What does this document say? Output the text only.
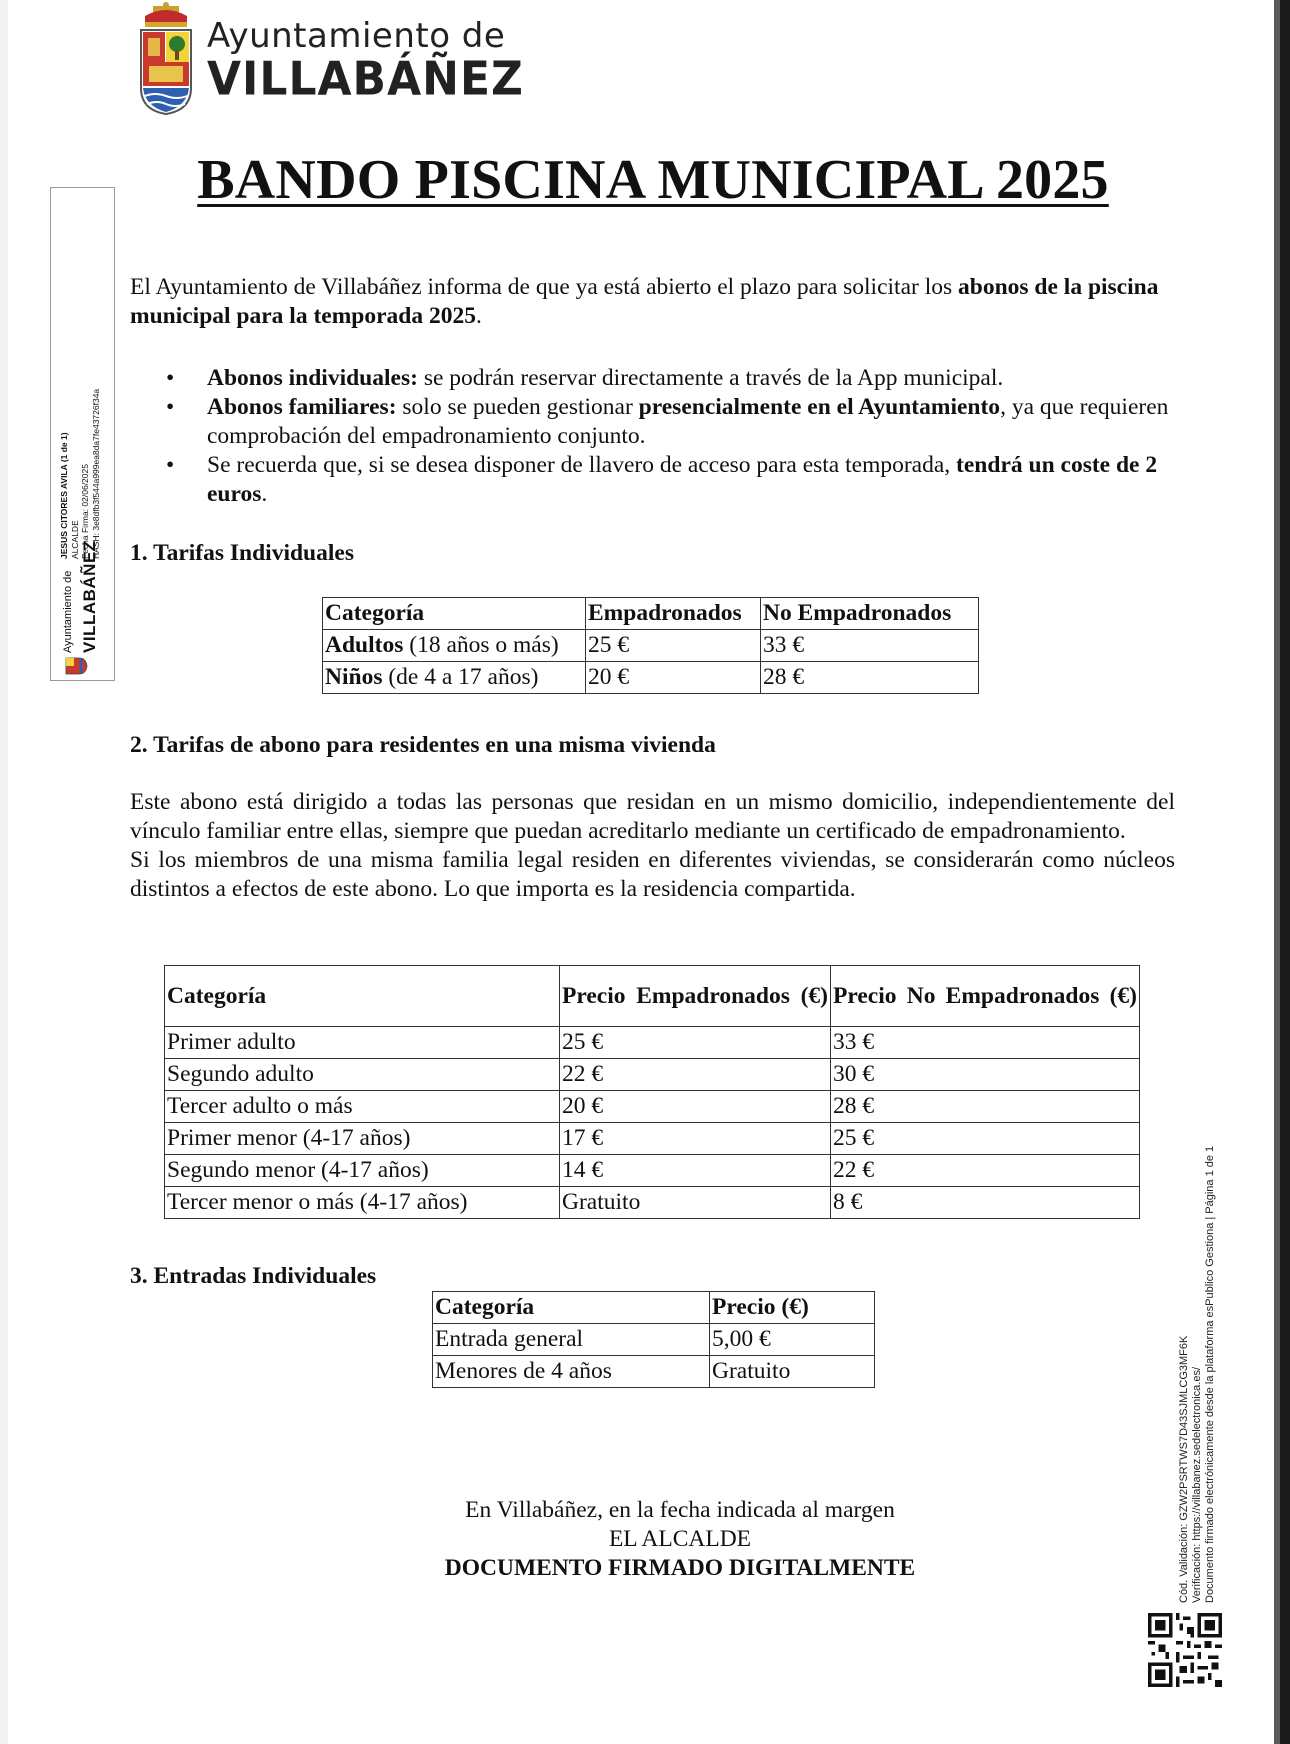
Ayuntamiento de
VILLABÁÑEZ
Ayuntamiento de VILLABÁÑEZ
JESUS CITORES AVILA (1 de 1) ALCALDE Fecha Firma: 02/06/2025 HASH: 3e8dfb3f544a999ea8da7fe43726f34a
BANDO PISCINA MUNICIPAL 2025
El Ayuntamiento de Villabáñez informa de que ya está abierto el plazo para solicitar los abonos de la piscina municipal para la temporada 2025.
• Abonos individuales: se podrán reservar directamente a través de la App municipal.
• Abonos familiares: solo se pueden gestionar presencialmente en el Ayuntamiento, ya que requieren comprobación del empadronamiento conjunto.
• Se recuerda que, si se desea disponer de llavero de acceso para esta temporada, tendrá un coste de 2 euros.
1. Tarifas Individuales
Categoría	Empadronados	No Empadronados
Adultos (18 años o más)	25 €	33 €
Niños (de 4 a 17 años)	20 €	28 €
2. Tarifas de abono para residentes en una misma vivienda

Este abono está dirigido a todas las personas que residan en un mismo domicilio, independientemente del vínculo familiar entre ellas, siempre que puedan acreditarlo mediante un certificado de empadronamiento.

Si los miembros de una misma familia legal residen en diferentes viviendas, se considerarán como núcleos distintos a efectos de este abono. Lo que importa es la residencia compartida.

Categoría	Precio Empadronados (€)	Precio No Empadronados (€)
Primer adulto	25 €	33 €
Segundo adulto	22 €	30 €
Tercer adulto o más	20 €	28 €
Primer menor (4-17 años)	17 €	25 €
Segundo menor (4-17 años)	14 €	22 €
Tercer menor o más (4-17 años)	Gratuito	8 €
3. Entradas Individuales
Categoría	Precio (€)
Entrada general	5,00 €
Menores de 4 años	Gratuito
En Villabáñez, en la fecha indicada al margen
EL ALCALDE
DOCUMENTO FIRMADO DIGITALMENTE	Cód. Validación: GZW2PSRTWS7D43SJMLCG3MF6K Verificación: https://villabanez.sedelectronica.es/ Documento firmado electrónicamente desde la plataforma esPublico Gestiona | Página 1 de 1
